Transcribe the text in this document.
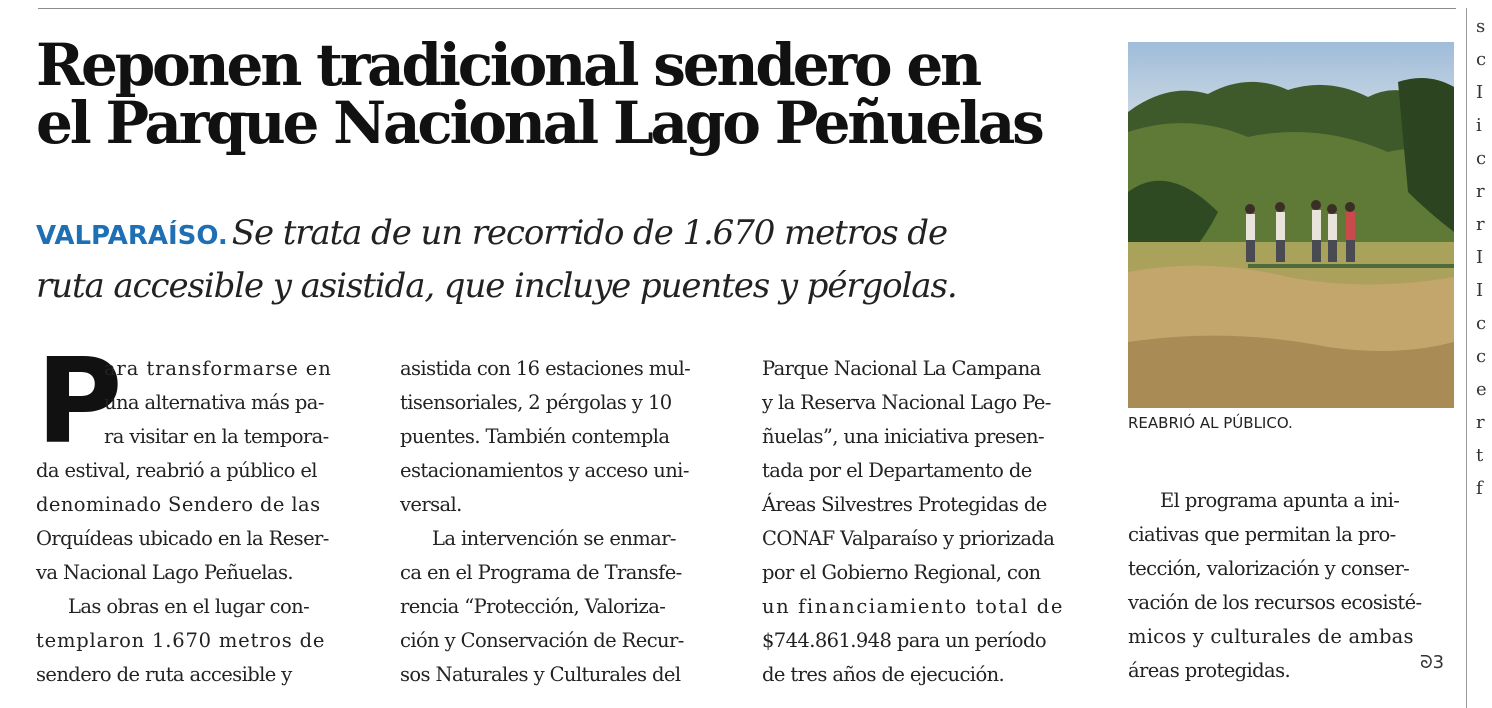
Reponen tradicional sendero en
el Parque Nacional Lago Peñuelas
VALPARAÍSO. Se trata de un recorrido de 1.670 metros de
ruta accesible y asistida, que incluye puentes y pérgolas.
P
ara transformarse en
una alternativa más pa-
ra visitar en la tempora-
da estival, reabrió a público el
denominado Sendero de las
Orquídeas ubicado en la Reser-
va Nacional Lago Peñuelas.
Las obras en el lugar con-
templaron 1.670 metros de
sendero de ruta accesible y
asistida con 16 estaciones mul-
tisensoriales, 2 pérgolas y 10
puentes. También contempla
estacionamientos y acceso uni-
versal.
La intervención se enmar-
ca en el Programa de Transfe-
rencia “Protección, Valoriza-
ción y Conservación de Recur-
sos Naturales y Culturales del
Parque Nacional La Campana
y la Reserva Nacional Lago Pe-
ñuelas”, una iniciativa presen-
tada por el Departamento de
Áreas Silvestres Protegidas de
CONAF Valparaíso y priorizada
por el Gobierno Regional, con
un financiamiento total de
$744.861.948 para un período
de tres años de ejecución.
REABRIÓ AL PÚBLICO.
El programa apunta a ini-
ciativas que permitan la pro-
tección, valorización y conser-
vación de los recursos ecosisté-
micos y culturales de ambas
áreas protegidas.	ᘐ3
s
c
I
i
c
r
r
I
I
c
c
e
r
t
f
